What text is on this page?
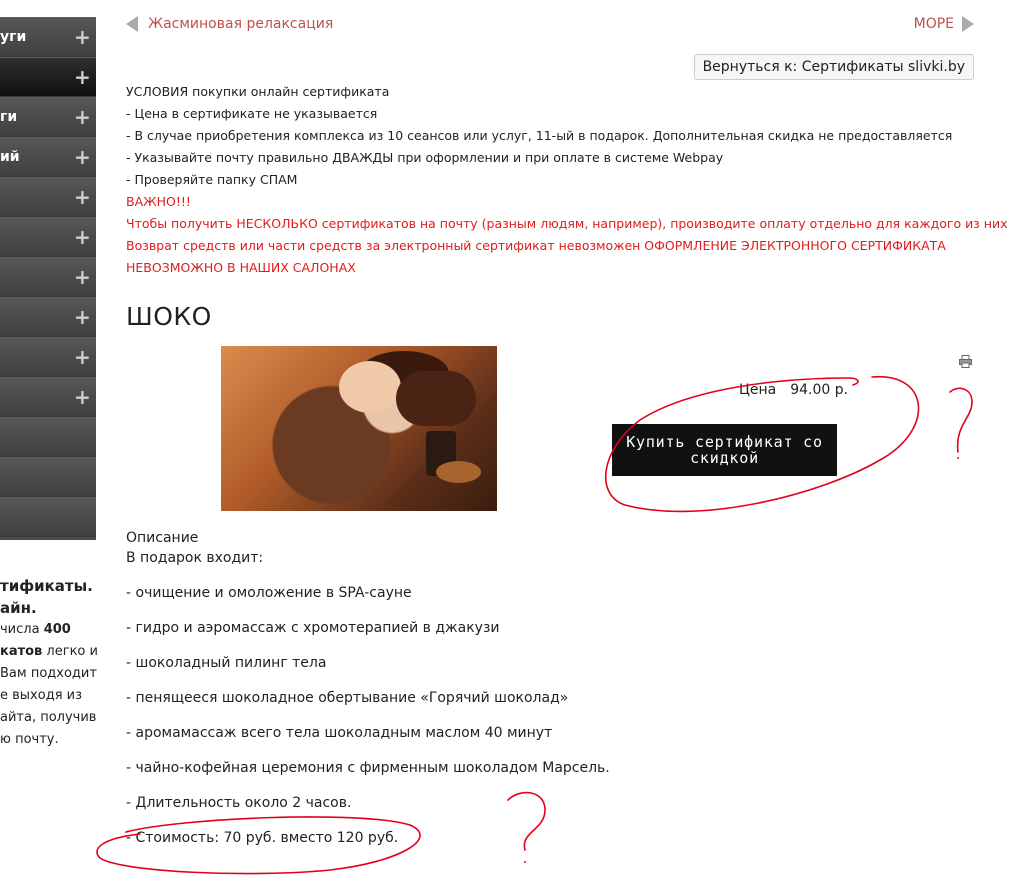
уги +
+
ги	+
ий	+
+
+
+
+
+
+
тификаты.
айн.
числа 400
катов легко и
Вам подходит
е выходя из
айта, получив
ю почту.
Жасминовая релаксация	МОРЕ
Вернуться к: Сертификаты slivki.by
УСЛОВИЯ покупки онлайн сертификата
- Цена в сертификате не указывается
- В случае приобретения комплекса из 10 сеансов или услуг, 11-ый в подарок. Дополнительная скидка не предоставляется
- Указывайте почту правильно ДВАЖДЫ при оформлении и при оплате в системе Webpay
- Проверяйте папку СПАМ
ВАЖНО!!!
Чтобы получить НЕСКОЛЬКО сертификатов на почту (разным людям, например), производите оплату отдельно для каждого из них
Возврат средств или части средств за электронный сертификат невозможен ОФОРМЛЕНИЕ ЭЛЕКТРОННОГО СЕРТИФИКАТА
НЕВОЗМОЖНО В НАШИХ САЛОНАХ
ШОКО
Цена 94.00 р.
Купить сертификат со скидкой
Описание
В подарок входит:
- очищение и омоложение в SPA-сауне
- гидро и аэромассаж с хромотерапией в джакузи
- шоколадный пилинг тела
- пенящееся шоколадное обертывание «Горячий шоколад»
- аромамассаж всего тела шоколадным маслом 40 минут
- чайно-кофейная церемония с фирменным шоколадом Марсель.
- Длительность около 2 часов.
- Стоимость: 70 руб. вместо 120 руб.
